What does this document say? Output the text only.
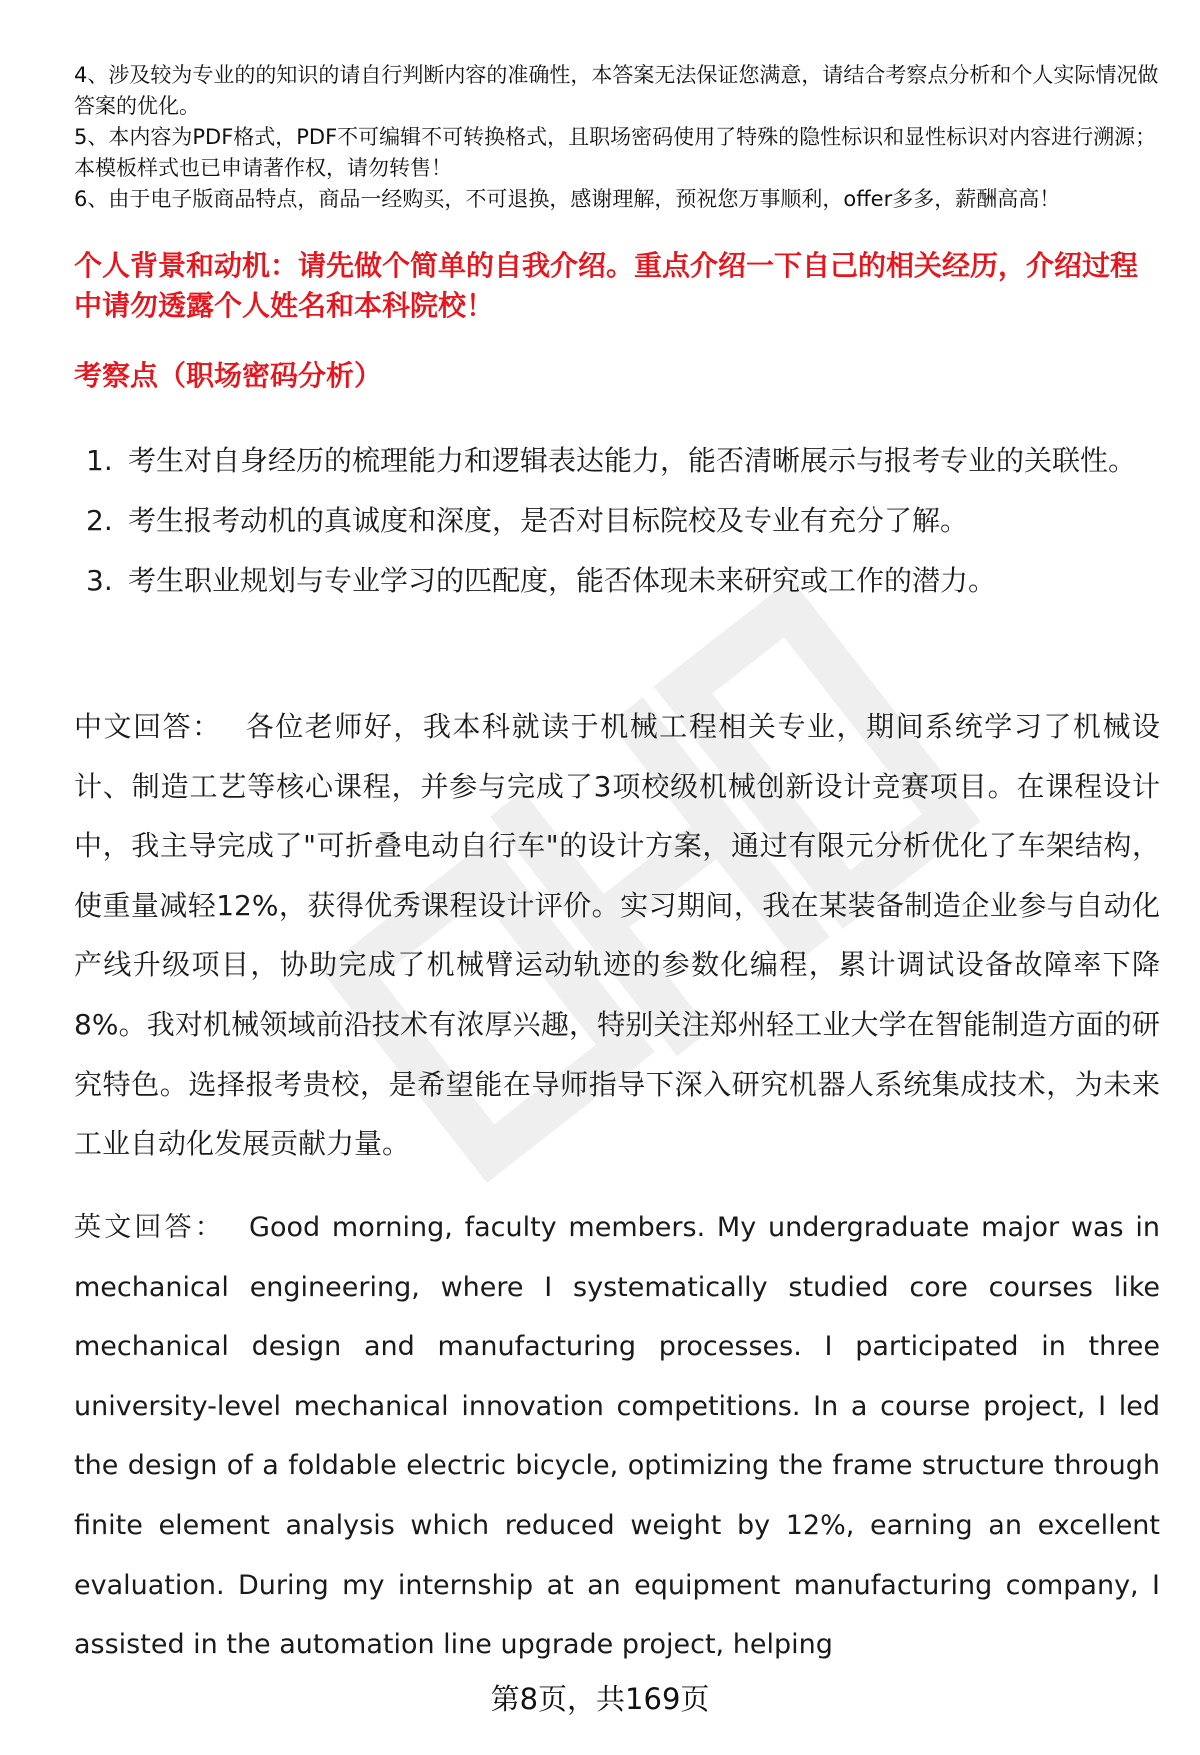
4、涉及较为专业的的知识的请自行判断内容的准确性，本答案无法保证您满意，请结合考察点分析和个人实际情况做答案的优化。

5、本内容为PDF格式，PDF不可编辑不可转换格式，且职场密码使用了特殊的隐性标识和显性标识对内容进行溯源；本模板样式也已申请著作权，请勿转售！

6、由于电子版商品特点，商品一经购买，不可退换，感谢理解，预祝您万事顺利，offer多多，薪酬高高！

个人背景和动机：请先做个简单的自我介绍。重点介绍一下自己的相关经历，介绍过程中请勿透露个人姓名和本科院校！
考察点（职场密码分析）
1. 考生对自身经历的梳理能力和逻辑表达能力，能否清晰展示与报考专业的关联性。
2. 考生报考动机的真诚度和深度，是否对目标院校及专业有充分了解。
3. 考生职业规划与专业学习的匹配度，能否体现未来研究或工作的潜力。

中文回答： 各位老师好，我本科就读于机械工程相关专业，期间系统学习了机械设计、制造工艺等核心课程，并参与完成了3项校级机械创新设计竞赛项目。在课程设计中，我主导完成了"可折叠电动自行车"的设计方案，通过有限元分析优化了车架结构，使重量减轻12%，获得优秀课程设计评价。实习期间，我在某装备制造企业参与自动化产线升级项目，协助完成了机械臂运动轨迹的参数化编程，累计调试设备故障率下降8%。我对机械领域前沿技术有浓厚兴趣，特别关注郑州轻工业大学在智能制造方面的研究特色。选择报考贵校，是希望能在导师指导下深入研究机器人系统集成技术，为未来工业自动化发展贡献力量。

英文回答： Good morning, faculty members. My undergraduate major was in mechanical engineering, where I systematically studied core courses like mechanical design and manufacturing processes. I participated in three university-level mechanical innovation competitions. In a course project, I led the design of a foldable electric bicycle, optimizing the frame structure through finite element analysis which reduced weight by 12%, earning an excellent evaluation. During my internship at an equipment manufacturing company, I assisted in the automation line upgrade project, helping

第8页，共169页
